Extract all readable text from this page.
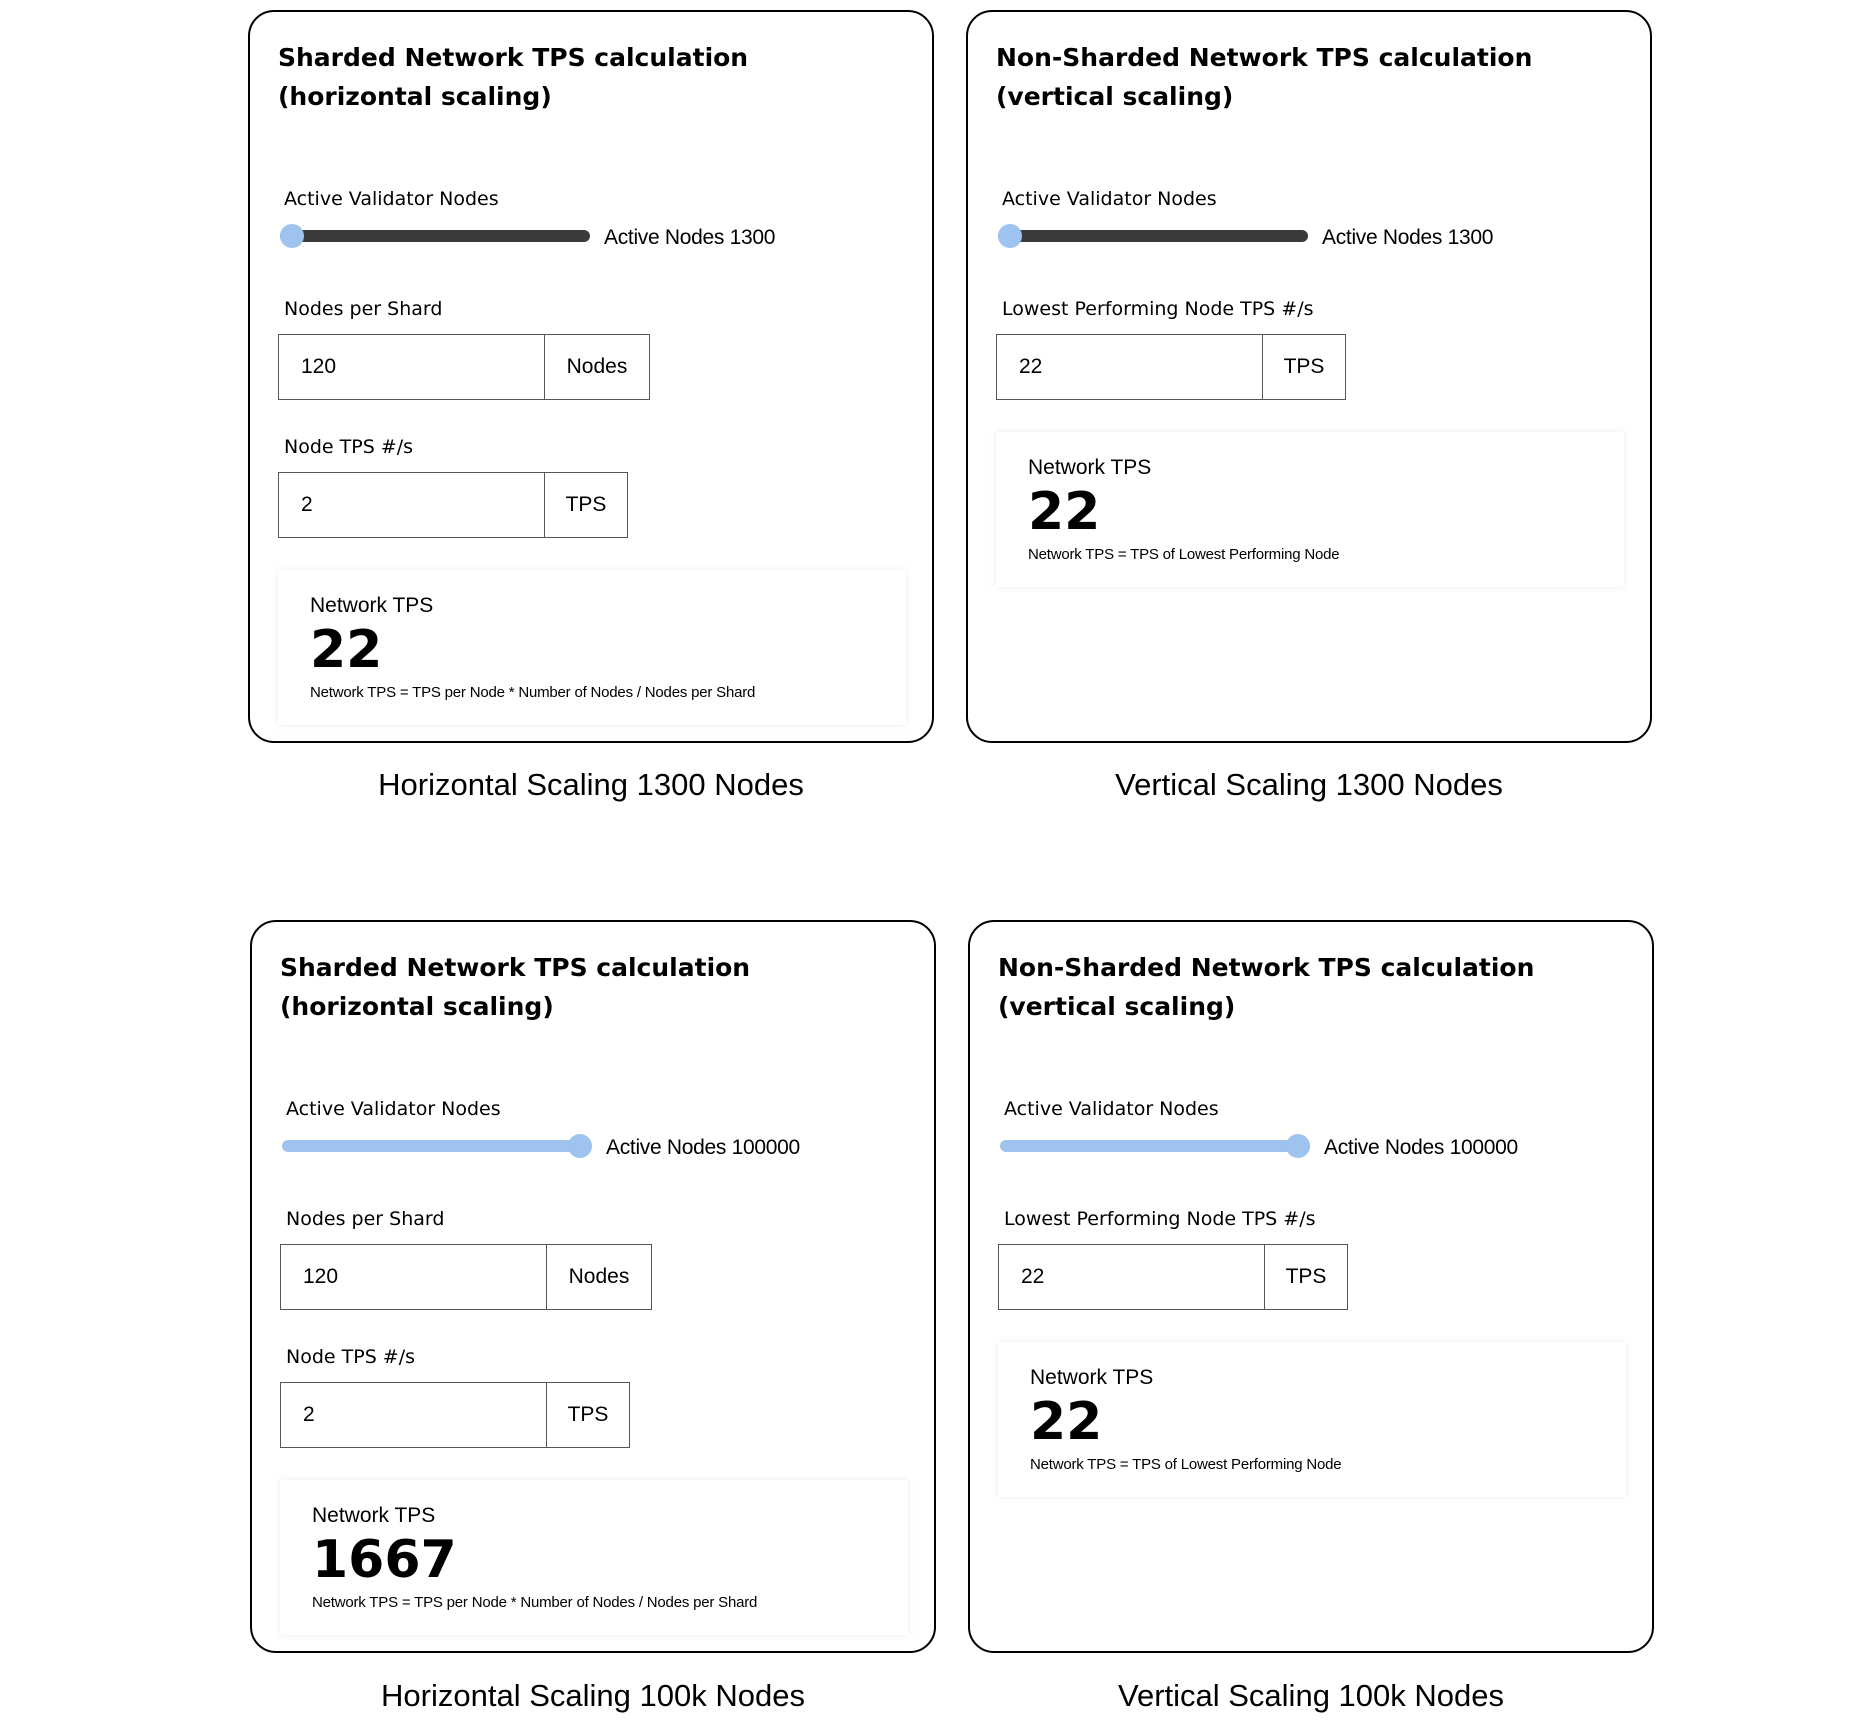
Sharded Network TPS calculation (horizontal scaling)
Active Validator Nodes
Active Nodes 1300
Nodes per Shard
120	Nodes
Node TPS #/s
2	TPS
Network TPS
22
Network TPS = TPS per Node * Number of Nodes / Nodes per Shard
Horizontal Scaling 1300 Nodes
Non-Sharded Network TPS calculation (vertical scaling)
Active Validator Nodes
Active Nodes 1300
Lowest Performing Node TPS #/s
22	TPS
Network TPS
22
Network TPS = TPS of Lowest Performing Node
Vertical Scaling 1300 Nodes
Sharded Network TPS calculation (horizontal scaling)
Active Validator Nodes
Active Nodes 100000
Nodes per Shard
120	Nodes
Node TPS #/s
2	TPS
Network TPS
1667
Network TPS = TPS per Node * Number of Nodes / Nodes per Shard
Horizontal Scaling 100k Nodes
Non-Sharded Network TPS calculation (vertical scaling)
Active Validator Nodes
Active Nodes 100000
Lowest Performing Node TPS #/s
22	TPS
Network TPS
22
Network TPS = TPS of Lowest Performing Node
Vertical Scaling 100k Nodes
